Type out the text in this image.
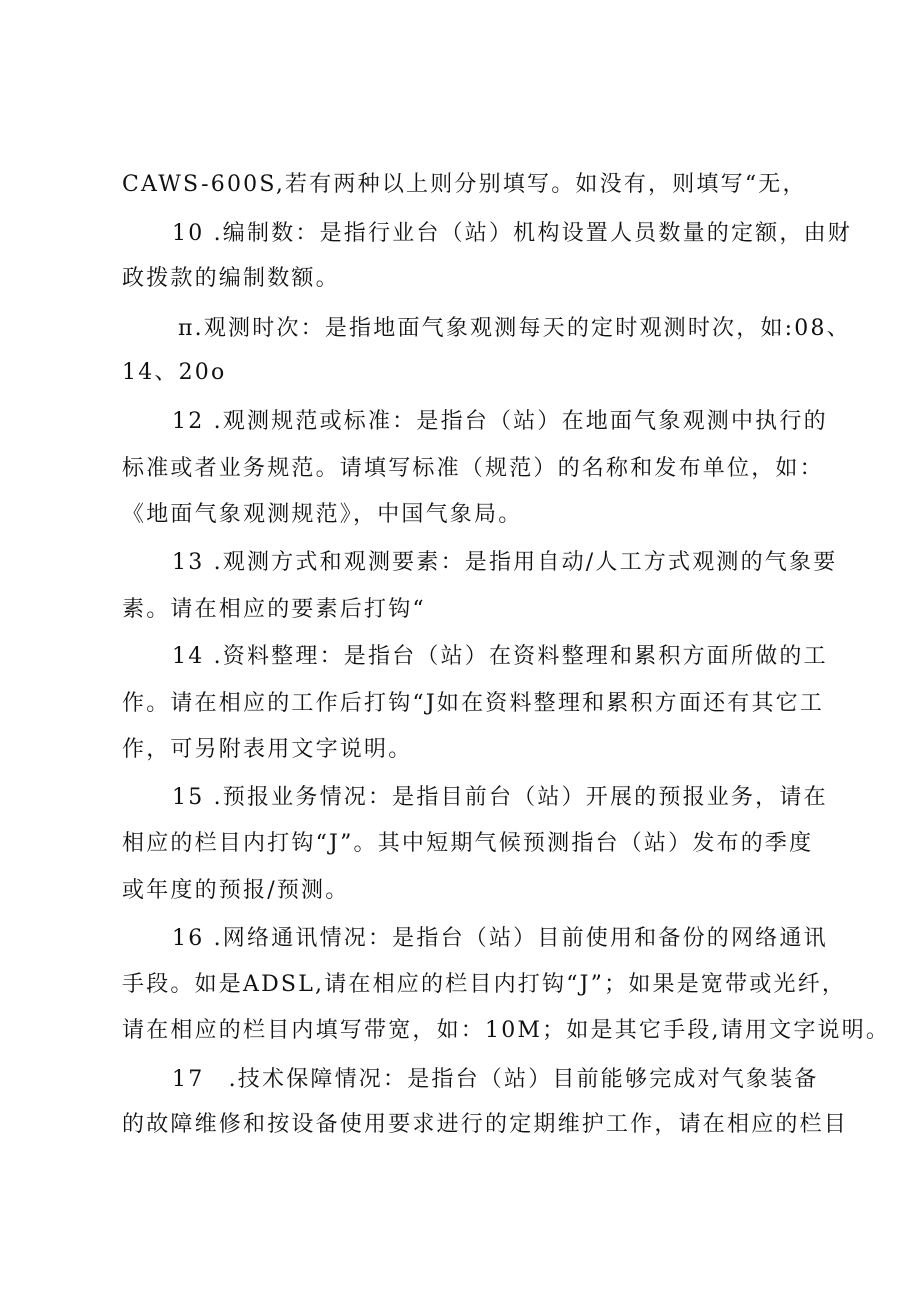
CAWS-600S,若有两种以上则分别填写。如没有，则填写“无，
10 .编制数：是指行业台（站）机构设置人员数量的定额，由财
政拨款的编制数额。
π.观测时次：是指地面气象观测每天的定时观测时次，如:08、
14、20o
12 .观测规范或标准：是指台（站）在地面气象观测中执行的
标准或者业务规范。请填写标准（规范）的名称和发布单位，如：
《地面气象观测规范》，中国气象局。
13 .观测方式和观测要素：是指用自动/人工方式观测的气象要
素。请在相应的要素后打钩“
14 .资料整理：是指台（站）在资料整理和累积方面所做的工
作。请在相应的工作后打钩“J如在资料整理和累积方面还有其它工
作，可另附表用文字说明。
15 .预报业务情况：是指目前台（站）开展的预报业务，请在
相应的栏目内打钩“J”。其中短期气候预测指台（站）发布的季度
或年度的预报/预测。
16 .网络通讯情况：是指台（站）目前使用和备份的网络通讯
手段。如是ADSL,请在相应的栏目内打钩“J”；如果是宽带或光纤，
请在相应的栏目内填写带宽，如：10M；如是其它手段,请用文字说明。
17　.技术保障情况：是指台（站）目前能够完成对气象装备
的故障维修和按设备使用要求进行的定期维护工作，请在相应的栏目
